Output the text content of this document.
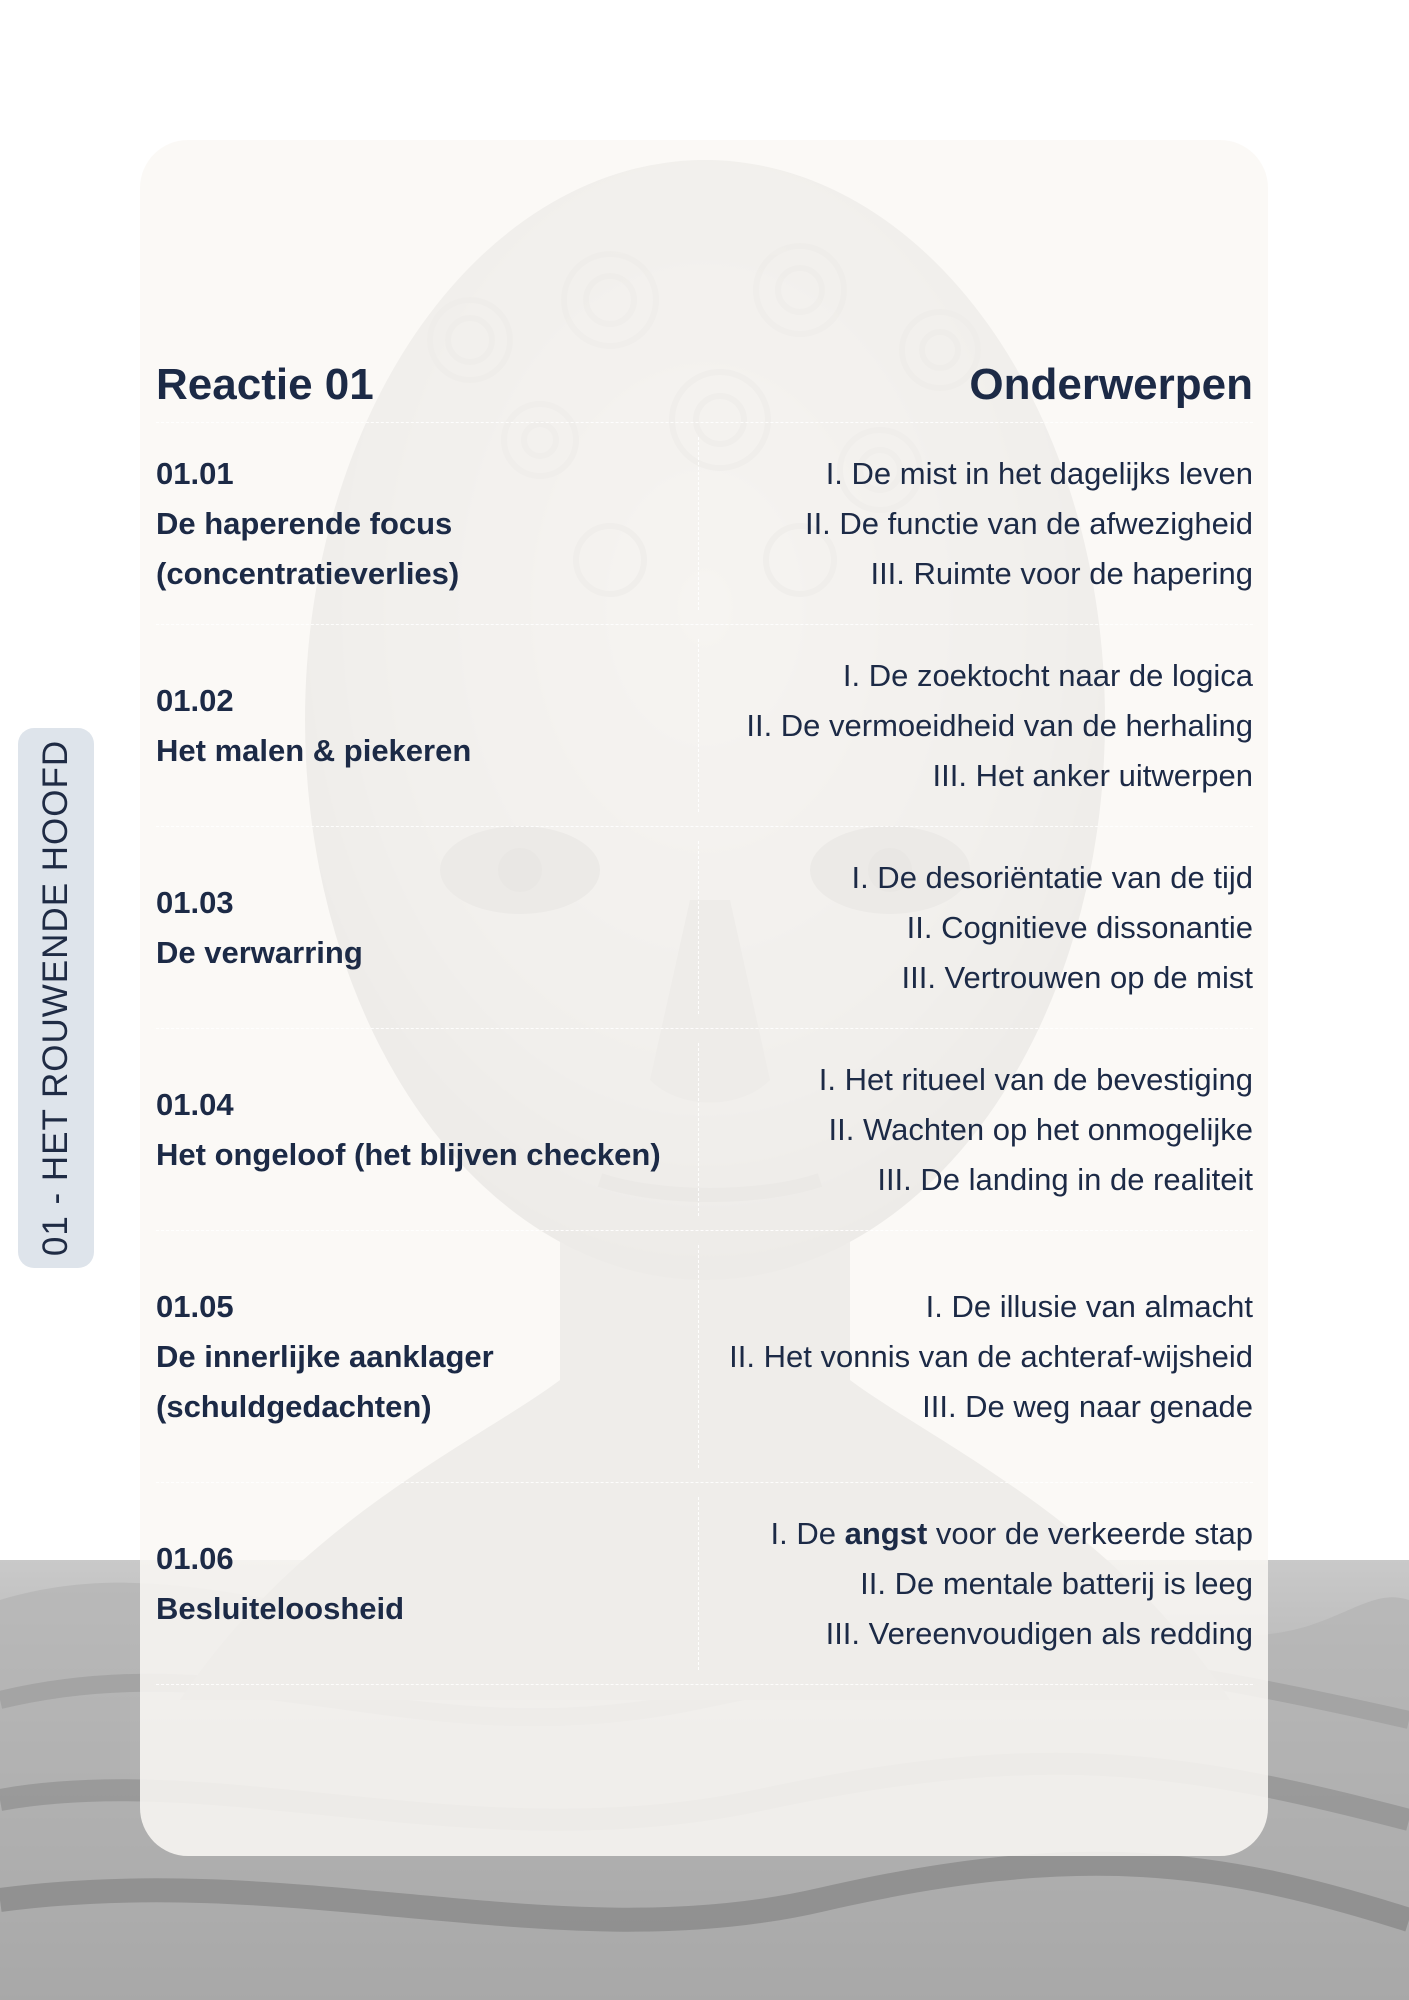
01 - HET ROUWENDE HOOFD
Reactie 01	Onderwerpen
01.01
De haperende focus (concentratieverlies)
I. De mist in het dagelijks leven
II. De functie van de afwezigheid
III. Ruimte voor de hapering
01.02
Het malen & piekeren
I. De zoektocht naar de logica
II. De vermoeidheid van de herhaling
III. Het anker uitwerpen
01.03
De verwarring
I. De desoriëntatie van de tijd
II. Cognitieve dissonantie
III. Vertrouwen op de mist
01.04
Het ongeloof (het blijven checken)
I. Het ritueel van de bevestiging
II. Wachten op het onmogelijke
III. De landing in de realiteit
01.05
De innerlijke aanklager (schuldgedachten)
I. De illusie van almacht
II. Het vonnis van de achteraf-wijsheid
III. De weg naar genade
01.06
Besluiteloosheid
I. De angst voor de verkeerde stap
II. De mentale batterij is leeg
III. Vereenvoudigen als redding
